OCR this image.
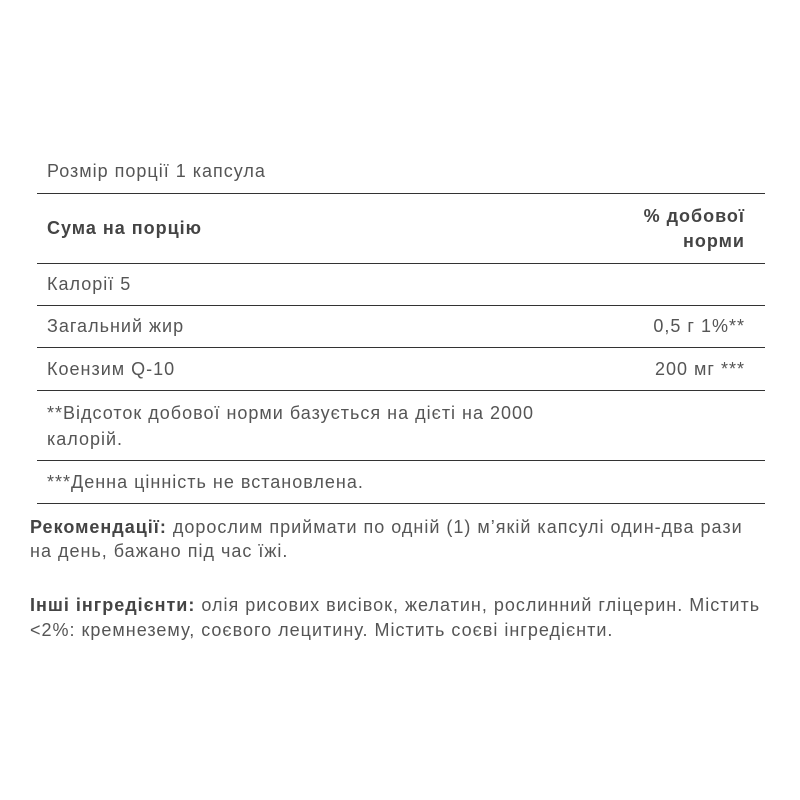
Розмір порції 1 капсула
Сума на порцію
% добової норми
Калорії 5
Загальний жир	0,5 г 1%**
Коензим Q-10	200 мг ***
**Відсоток добової норми базується на дієті на 2000
калорій.
***Денна цінність не встановлена.

Рекомендації: дорослим приймати по одній (1) м’якій капсулі один-два рази
на день, бажано під час їжі.

Інші інгредієнти: олія рисових висівок, желатин, рослинний гліцерин. Містить
<2%: кремнезему, соєвого лецитину. Містить соєві інгредієнти.
